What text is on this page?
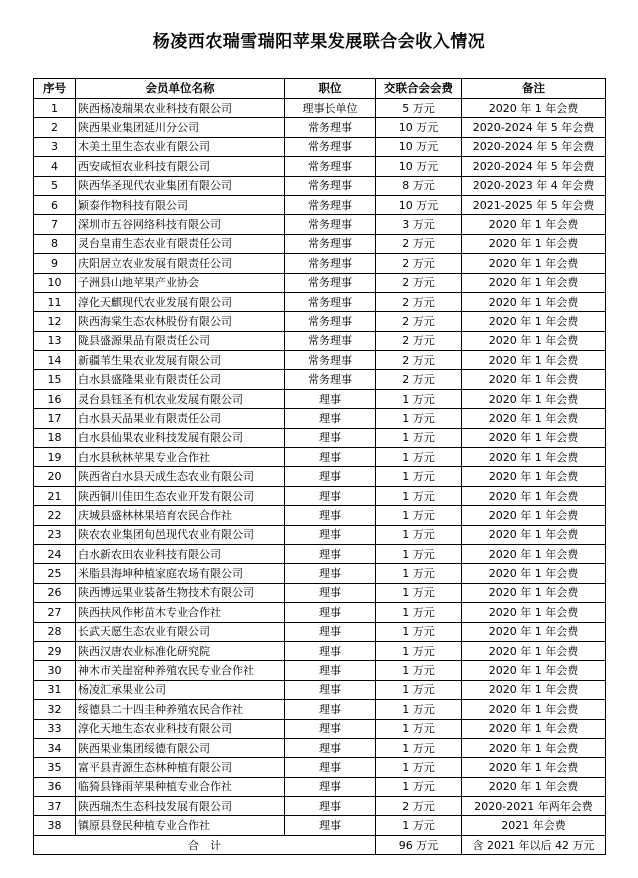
杨凌西农瑞雪瑞阳苹果发展联合会收入情况
序号	会员单位名称	职位	交联合会会费	备注
1	陕西杨凌瑞果农业科技有限公司	理事长单位	5 万元	2020 年 1 年会费
2	陕西果业集团延川分公司	常务理事	10 万元	2020-2024 年 5 年会费
3	木美土里生态农业有限公司	常务理事	10 万元	2020-2024 年 5 年会费
4	西安咸恒农业科技有限公司	常务理事	10 万元	2020-2024 年 5 年会费
5	陕西华圣现代农业集团有限公司	常务理事	8 万元	2020-2023 年 4 年会费
6	颖泰作物科技有限公司	常务理事	10 万元	2021-2025 年 5 年会费
7	深圳市五谷网络科技有限公司	常务理事	3 万元	2020 年 1 年会费
8	灵台皇甫生态农业有限责任公司	常务理事	2 万元	2020 年 1 年会费
9	庆阳居立农业发展有限责任公司	常务理事	2 万元	2020 年 1 年会费
10	子洲县山地苹果产业协会	常务理事	2 万元	2020 年 1 年会费
11	淳化天麒现代农业发展有限公司	常务理事	2 万元	2020 年 1 年会费
12	陕西海棠生态农林股份有限公司	常务理事	2 万元	2020 年 1 年会费
13	陇县盛源果品有限责任公司	常务理事	2 万元	2020 年 1 年会费
14	新疆苇生果农业发展有限公司	常务理事	2 万元	2020 年 1 年会费
15	白水县盛隆果业有限责任公司	常务理事	2 万元	2020 年 1 年会费
16	灵台县钰圣有机农业发展有限公司	理事	1 万元	2020 年 1 年会费
17	白水县天品果业有限责任公司	理事	1 万元	2020 年 1 年会费
18	白水县仙果农业科技发展有限公司	理事	1 万元	2020 年 1 年会费
19	白水县秋林苹果专业合作社	理事	1 万元	2020 年 1 年会费
20	陕西省白水县天成生态农业有限公司	理事	1 万元	2020 年 1 年会费
21	陕西铜川佳田生态农业开发有限公司	理事	1 万元	2020 年 1 年会费
22	庆城县盛林林果培育农民合作社	理事	1 万元	2020 年 1 年会费
23	陕农农业集团旬邑现代农业有限公司	理事	1 万元	2020 年 1 年会费
24	白水新农田农业科技有限公司	理事	1 万元	2020 年 1 年会费
25	米脂县海坤种植家庭农场有限公司	理事	1 万元	2020 年 1 年会费
26	陕西博远果业装备生物技术有限公司	理事	1 万元	2020 年 1 年会费
27	陕西扶风作彬苗木专业合作社	理事	1 万元	2020 年 1 年会费
28	长武天愿生态农业有限公司	理事	1 万元	2020 年 1 年会费
29	陕西汉唐农业标准化研究院	理事	1 万元	2020 年 1 年会费
30	神木市关崖窑种养殖农民专业合作社	理事	1 万元	2020 年 1 年会费
31	杨凌汇承果业公司	理事	1 万元	2020 年 1 年会费
32	绥德县二十四圭种养殖农民合作社	理事	1 万元	2020 年 1 年会费
33	淳化天地生态农业科技有限公司	理事	1 万元	2020 年 1 年会费
34	陕西果业集团绥德有限公司	理事	1 万元	2020 年 1 年会费
35	富平县青源生态林种植有限公司	理事	1 万元	2020 年 1 年会费
36	临猗县锋雨苹果种植专业合作社	理事	1 万元	2020 年 1 年会费
37	陕西瑞杰生态科技发展有限公司	理事	2 万元	2020-2021 年两年会费
38	镇原县登民种植专业合作社	理事	1 万元	2021 年会费
合　计			96 万元	含 2021 年以后 42 万元
